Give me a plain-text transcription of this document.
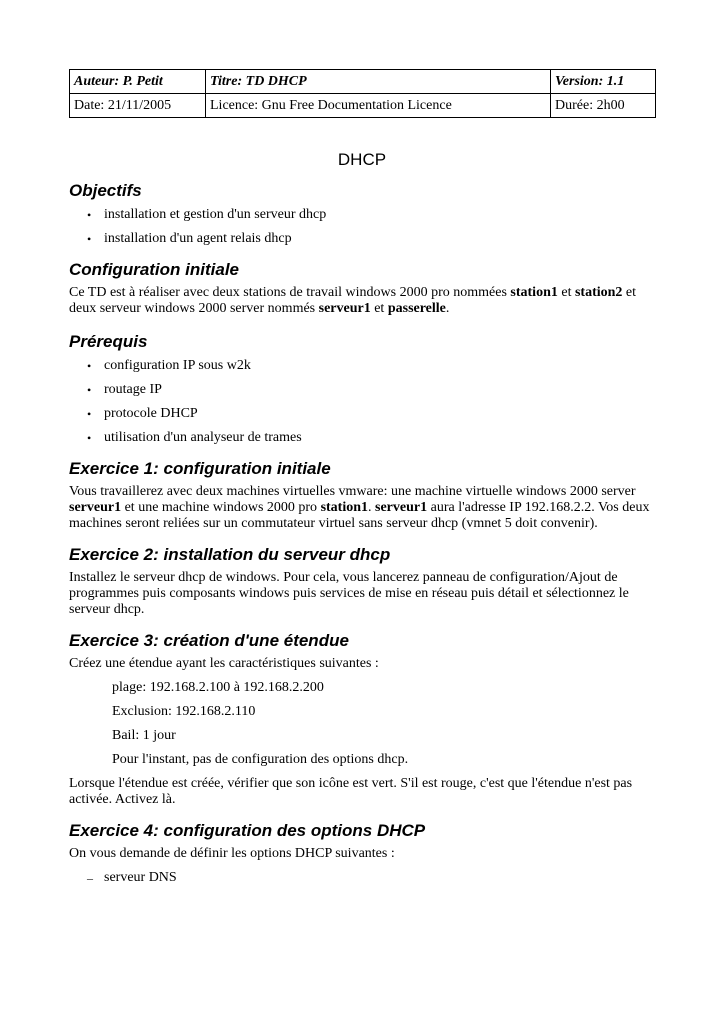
Auteur: P. Petit	Titre: TD DHCP	Version: 1.1
Date: 21/11/2005	Licence: Gnu Free Documentation Licence	Durée: 2h00
DHCP
Objectifs
• installation et gestion d'un serveur dhcp
• installation d'un agent relais dhcp
Configuration initiale

Ce TD est à réaliser avec deux stations de travail windows 2000 pro nommées station1 et station2 et deux serveur windows 2000 server nommés serveur1 et passerelle.

Prérequis
• configuration IP sous w2k
• routage IP
• protocole DHCP
• utilisation d'un analyseur de trames
Exercice 1: configuration initiale

Vous travaillerez avec deux machines virtuelles vmware: une machine virtuelle windows 2000 server serveur1 et une machine windows 2000 pro station1. serveur1 aura l'adresse IP 192.168.2.2. Vos deux machines seront reliées sur un commutateur virtuel sans serveur dhcp (vmnet 5 doit convenir).

Exercice 2: installation du serveur dhcp

Installez le serveur dhcp de windows. Pour cela, vous lancerez panneau de configuration/Ajout de programmes puis composants windows puis services de mise en réseau puis détail et sélectionnez le serveur dhcp.

Exercice 3: création d'une étendue

Créez une étendue ayant les caractéristiques suivantes :

plage: 192.168.2.100 à 192.168.2.200

Exclusion: 192.168.2.110

Bail: 1 jour

Pour l'instant, pas de configuration des options dhcp.

Lorsque l'étendue est créée, vérifier que son icône est vert. S'il est rouge, c'est que l'étendue n'est pas activée. Activez là.

Exercice 4: configuration des options DHCP

On vous demande de définir les options DHCP suivantes :

– serveur DNS
